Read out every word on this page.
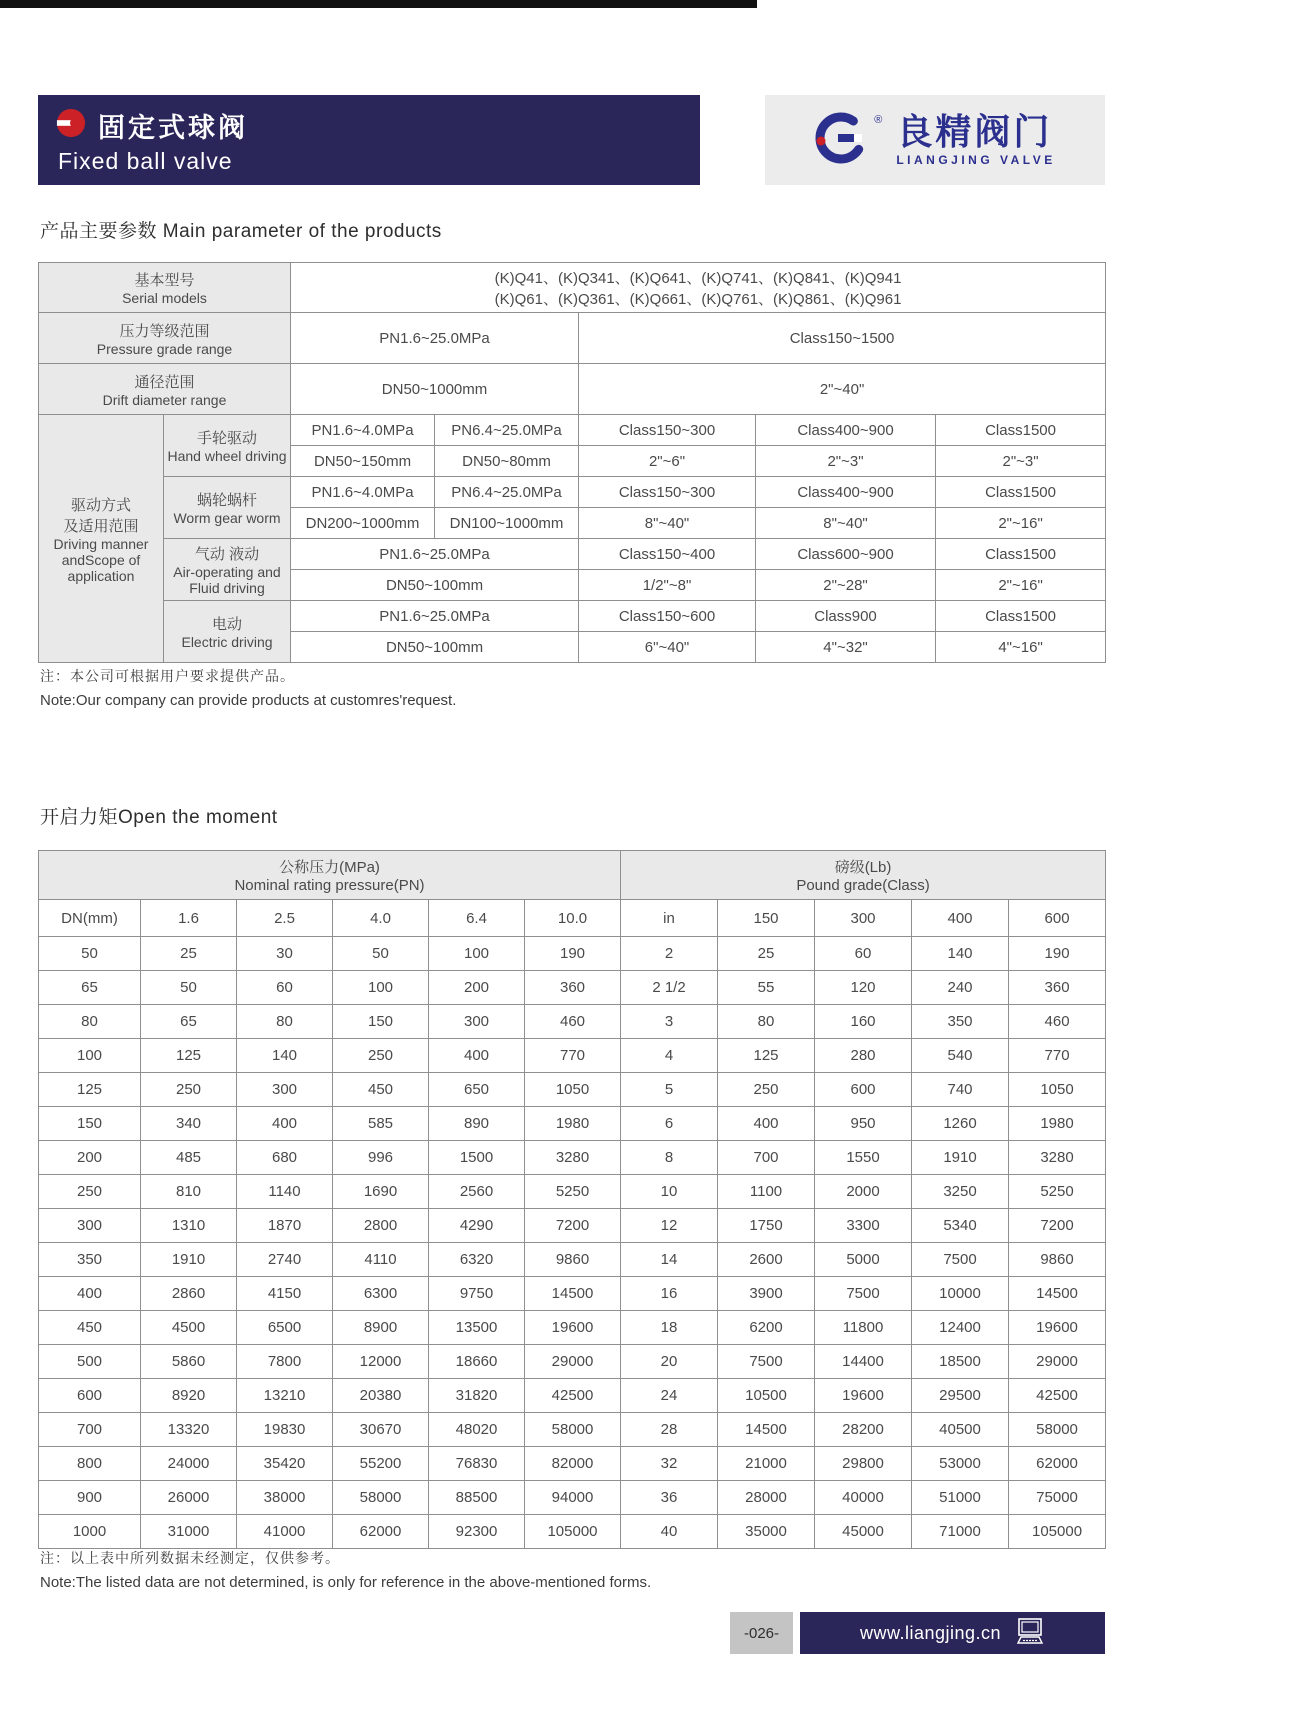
固定式球阀
Fixed ball valve
® 良精阀门
LIANGJING VALVE
产品主要参数 Main parameter of the products
基本型号
Serial models

(K)Q41、(K)Q341、(K)Q641、(K)Q741、(K)Q841、(K)Q941
(K)Q61、(K)Q361、(K)Q661、(K)Q761、(K)Q861、(K)Q961

压力等级范围
Pressure grade range		PN1.6~25.0MPa		Class150~1500		

通径范围
Drift diameter range		DN50~1000mm		2"~40"		

驱动方式
及适用范围
Driving manner
andScope of
application

手轮驱动
Hand wheel driving
	PN1.6~4.0MPa	PN6.4~25.0MPa	Class150~300	Class400~900	Class1500
		DN50~150mm	DN50~80mm	2"~6"	2"~3"	2"~3"

	蜗轮蜗杆
Worm gear worm	PN1.6~4.0MPa	PN6.4~25.0MPa	Class150~300	Class400~900	Class1500
		DN200~1000mm	DN100~1000mm	8"~40"	8"~40"	2"~16"

	气动 液动
Air-operating and Fluid driving	PN1.6~25.0MPa		Class150~400	Class600~900	Class1500
		DN50~100mm		1/2"~8"	2"~28"	2"~16"

	电动
Electric driving	PN1.6~25.0MPa		Class150~600	Class900	Class1500
		DN50~100mm		6"~40"	4"~32"	4"~16"
注：本公司可根据用户要求提供产品。
Note:Our company can provide products at customres'request.
开启力矩Open the moment
公称压力(MPa)
Nominal rating pressure(PN)

磅级(Lb)
Pound grade(Class)

DN(mm)	1.6	2.5	4.0	6.4	10.0	in	150	300	400	600
50	25	30	50	100	190	2	25	60	140	190
65	50	60	100	200	360	2 1/2	55	120	240	360
80	65	80	150	300	460	3	80	160	350	460
100	125	140	250	400	770	4	125	280	540	770
125	250	300	450	650	1050	5	250	600	740	1050
150	340	400	585	890	1980	6	400	950	1260	1980
200	485	680	996	1500	3280	8	700	1550	1910	3280
250	810	1140	1690	2560	5250	10	1100	2000	3250	5250
300	1310	1870	2800	4290	7200	12	1750	3300	5340	7200
350	1910	2740	4110	6320	9860	14	2600	5000	7500	9860
400	2860	4150	6300	9750	14500	16	3900	7500	10000	14500
450	4500	6500	8900	13500	19600	18	6200	11800	12400	19600
500	5860	7800	12000	18660	29000	20	7500	14400	18500	29000
600	8920	13210	20380	31820	42500	24	10500	19600	29500	42500
700	13320	19830	30670	48020	58000	28	14500	28200	40500	58000
800	24000	35420	55200	76830	82000	32	21000	29800	53000	62000
900	26000	38000	58000	88500	94000	36	28000	40000	51000	75000
1000	31000	41000	62000	92300	105000	40	35000	45000	71000	105000
注：以上表中所列数据未经测定，仅供参考。
Note:The listed data are not determined, is only for reference in the above-mentioned forms.
-026-	www.liangjing.cn
